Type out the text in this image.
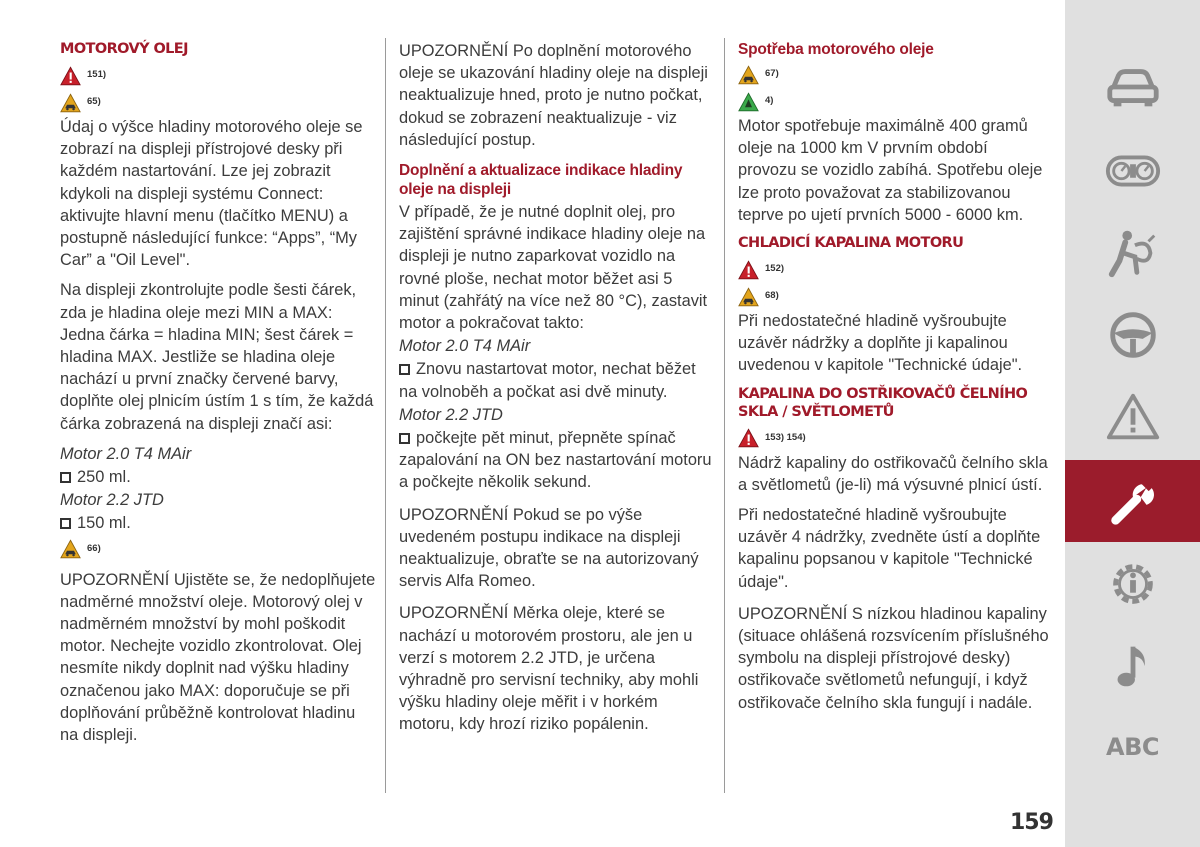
MOTOROVÝ OLEJ
151)
65)

Údaj o výšce hladiny motorového oleje se zobrazí na displeji přístrojové desky při každém nastartování. Lze jej zobrazit kdykoli na displeji systému Connect: aktivujte hlavní menu (tlačítko MENU) a postupně následující funkce: “Apps”, “My Car” a "Oil Level".

Na displeji zkontrolujte podle šesti čárek, zda je hladina oleje mezi MIN a MAX: Jedna čárka = hladina MIN; šest čárek = hladina MAX. Jestliže se hladina oleje nachází u první značky červené barvy, doplňte olej plnicím ústím 1 s tím, že každá čárka zobrazená na displeji značí asi:

Motor 2.0 T4 MAir

250 ml.

Motor 2.2 JTD

150 ml.

66)

UPOZORNĚNÍ Ujistěte se, že nedoplňujete nadměrné množství oleje. Motorový olej v nadměrném množství by mohl poškodit motor. Nechejte vozidlo zkontrolovat. Olej nesmíte nikdy doplnit nad výšku hladiny označenou jako MAX: doporučuje se při doplňování průběžně kontrolovat hladinu na displeji.

UPOZORNĚNÍ Po doplnění motorového oleje se ukazování hladiny oleje na displeji neaktualizuje hned, proto je nutno počkat, dokud se zobrazení neaktualizuje - viz následující postup.

Doplnění a aktualizace indikace hladiny oleje na displeji

V případě, že je nutné doplnit olej, pro zajištění správné indikace hladiny oleje na displeji je nutno zaparkovat vozidlo na rovné ploše, nechat motor běžet asi 5 minut (zahřátý na více než 80 °C), zastavit motor a pokračovat takto:

Motor 2.0 T4 MAir

Znovu nastartovat motor, nechat běžet na volnoběh a počkat asi dvě minuty.

Motor 2.2 JTD

počkejte pět minut, přepněte spínač zapalování na ON bez nastartování motoru a počkejte několik sekund.

UPOZORNĚNÍ Pokud se po výše uvedeném postupu indikace na displeji neaktualizuje, obraťte se na autorizovaný servis Alfa Romeo.

UPOZORNĚNÍ Měrka oleje, které se nachází u motorovém prostoru, ale jen u verzí s motorem 2.2 JTD, je určena výhradně pro servisní techniky, aby mohli výšku hladiny oleje měřit i v horkém motoru, kdy hrozí riziko popálenin.

Spotřeba motorového oleje
67)
4)

Motor spotřebuje maximálně 400 gramů oleje na 1000 km V prvním období provozu se vozidlo zabíhá. Spotřebu oleje lze proto považovat za stabilizovanou teprve po ujetí prvních 5000 - 6000 km.

CHLADICÍ KAPALINA MOTORU
152)
68)

Při nedostatečné hladině vyšroubujte uzávěr nádržky a doplňte ji kapalinou uvedenou v kapitole "Technické údaje".

KAPALINA DO OSTŘIKOVAČŮ ČELNÍHO SKLA / SVĚTLOMETŮ
153) 154)

Nádrž kapaliny do ostřikovačů čelního skla a světlometů (je-li) má výsuvné plnicí ústí.

Při nedostatečné hladině vyšroubujte uzávěr 4 nádržky, zvedněte ústí a doplňte kapalinu popsanou v kapitole "Technické údaje".

UPOZORNĚNÍ S nízkou hladinou kapaliny (situace ohlášená rozsvícením příslušného symbolu na displeji přístrojové desky) ostřikovače světlometů nefungují, i když ostřikovače čelního skla fungují i nadále.

ABC
159
